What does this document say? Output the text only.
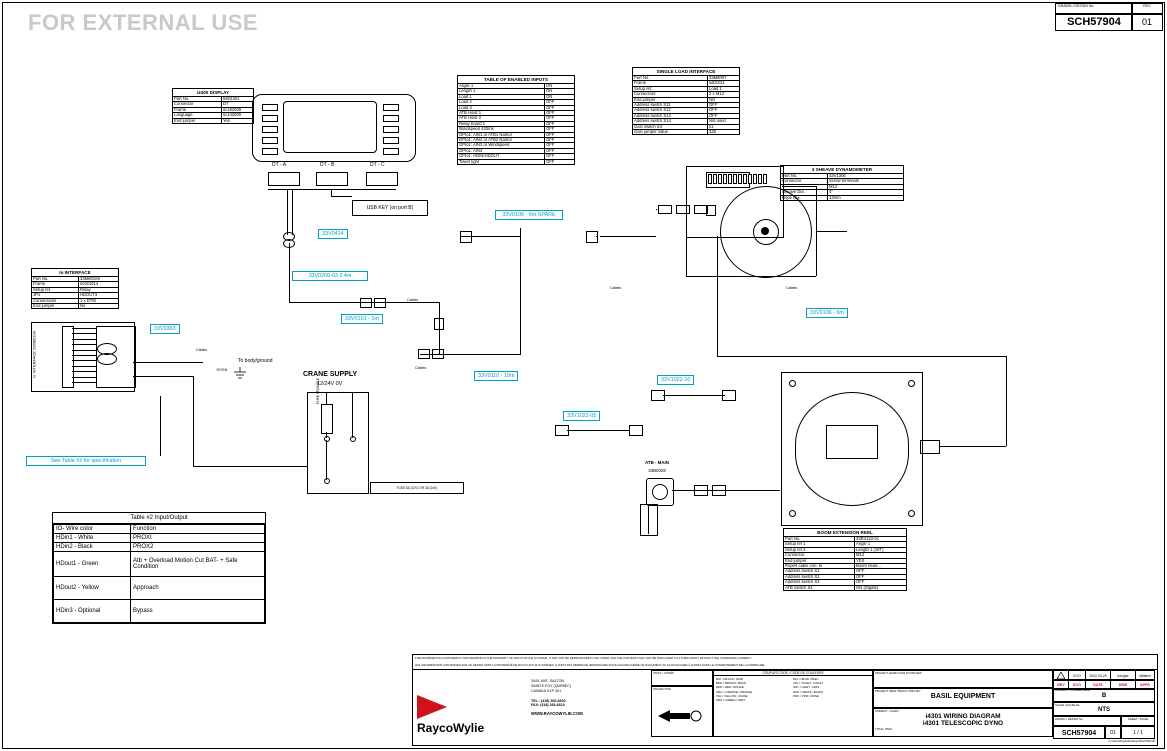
FOR EXTERNAL USE
DRAWN / DESSIN No.	REV
SCH57904	01
i4300 DISPLAY
Part No.	5924301
Connector	DT
Frame	sc192006
Language	sc142000
End jumper	Yes
DT - A	DT - B	DT - C
USB KEY (on port B)
TABLE OF ENABLED INPUTS
Angle 1	ON
Length 1	ON
Load 1	ON
Load 2	OFF
Load 3	OFF
ATB Hoist 1	OFF
ATB Hoist 2	OFF
Relay board 1	OFF
Windspeed 420ms	OFF
GPIo1: AIN1 or ATB1 Namur	OFF
GPIo1: AIN2 or ATB2 Namur	OFF
GPIo1: AIN3 or Windspeed	OFF
GPIo1: AIN4	OFF
GPIo1: HDIN/HDOUT	OFF
Tower light	OFF
SINGLE LOAD INTERFACE
Part No.	33M8007
Frame	sd01011
Setup ref.	Load 1
Connectors	2 x M12
End jumper	NO
Address switch S11	OFF
Address switch S12	OFF
Address switch S13	OFF
Address switch S14	Not used
Gain switch S4	x1
Gain jumper value	325
3 SHEAVE DYNAMOMETER
Part No.	33V1306
Connector	Screw terminals
	M12
Sheave Dia.	4"
Rope Dia.	13mm
Io INTERFACE
Part No.	33M80109
Frame	sc021014
Setup ref.	Relay
JP1	HDOUT3
Connections	1 x DTM
End jumper	No
Io INTERFACE 33M80109
33V0414
33V0260-03 2.4m
33V0101 - 1m
33V0106 - 6m SPARE
33V0110 - 10m
33V0106 - 6m
33V0363
33V1022-10
33V1022-05
See Table #2 for specification
Cables
Cables
Cables	Cables
Cables
CRANE SUPPLY
12/24V 0V
FUSE / FUSIBLE
FUSE 5A (12V) OR 3A (24V)
To body/ground
YE/GN
ATB - MAIN
33B0028
BOOM EXTENSION REEL
Part No.	33R4123-01
Setup ref 1	Angle 1
Setup ref 2	Length 1 (10T)
Connector	M12
End jumper	YES
Rope/t cable con. to	Boom head...
Address switch S1	OFF
Address switch S2	OFF
Address switch S3	OFF
ATB Switch S4	ON (Digital)
Table #2 Input/Output
IO- Wire color	Function
HDin1 - White	PROXI
HDin2 - Black	PROX2
HDout1 - Green	Atb + Overload Motion Cut BAT- + Safe Condition
HDout2 - Yellow	Approach
HDin3 - Optional	Bypass
THE INFORMATION CONTAINED IN THIS DRAWING IS THE PROPERTY OF RAYCO-WYLIE SYSTEMS. IT MAY NOT BE REPRODUCED IN ANY FORM, AND THE CONTENTS MAY NOT BE DISCLOSED TO A THIRD PARTY WITHOUT THE COMPANIES CONSENT.
LES INFORMATIONS CONTENUES SUR CE DESSIN SONT LA PROPRIÉTÉ DE RAYCO-WYLIE SYSTÈMES. IL N'EST PAS PERMIS DE REPRODUIRE SOUS AUCUNE FORME CE DOCUMENT OU LE DIVULGUER À AUTRUI SANS LE CONSENTEMENT DE LA COMPAGNIE.
RaycoWylie
3440, AVE. DALTON
SAINTE-FOY (QUEBEC)
CANADA G1P 3X1
TEL.: (418) 266-6600
FAX: (418) 266-6610
WWW.RAYCOWYLIE.COM
UNITS / UNITÉS
PROJECTION
COUPLES CODE / CODE DE COULEURS
BLK = BLACK / NOIR	BLU = BLUE / BLEU
BRN = BROWN / BRUN	VIO = VIOLET / VIOLET
RED = RED / ROUGE	GRY = GREY / GRIS
ORG = ORANGE / ORANGE	WHT = WHITE / BLANC
YEL = YELLOW / JAUNE	PNK = PINK / ROSE
GRN = GREEN / VERT
PROJECT NAME/ NOM DU PROJET:
PROJECT ITEM/ ITEM DU PROJET:
BASIL EQUIPMENT
SUBJECT / SUJET:
i4301 WIRING DIAGRAM
i4301 TELESCOPIC DYNO
TITLE / ITEM:
ECO	2022-03-29	kdogbe	iditalien
REV	ECO	DATE	DRW	APPD
B
COMMENT / COMMENTAIRE:
SCALE / ÉCHELLE:
NTS
DRAWN / DESSIN No.	SHEET / PAGE
SCH57904	01	1 / 1
C:\Users\kdogbe\Desktop\SCH57904.dft
